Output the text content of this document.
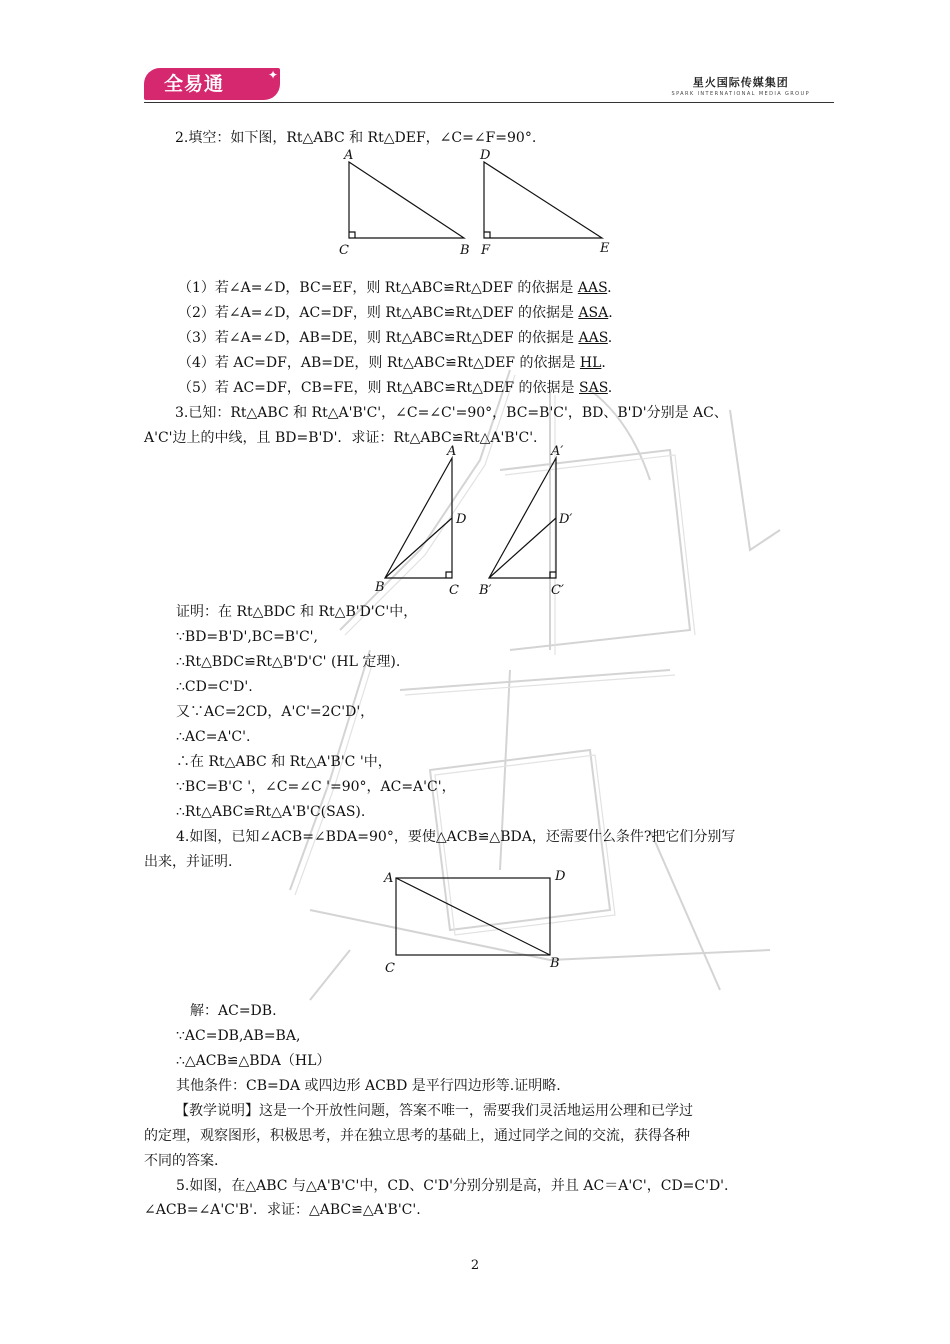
全易通	✦
星火国际传媒集团
SPARK INTERNATIONAL MEDIA GROUP
2.填空：如下图，Rt△ABC 和 Rt△DEF，∠C=∠F=90°.
A
C	B
D
F	E
（1）若∠A=∠D，BC=EF，则 Rt△ABC≌Rt△DEF 的依据是 AAS.
（2）若∠A=∠D，AC=DF，则 Rt△ABC≌Rt△DEF 的依据是 ASA.
（3）若∠A=∠D，AB=DE，则 Rt△ABC≌Rt△DEF 的依据是 AAS.
（4）若 AC=DF，AB=DE，则 Rt△ABC≌Rt△DEF 的依据是 HL.
（5）若 AC=DF，CB=FE，则 Rt△ABC≌Rt△DEF 的依据是 SAS.
3.已知：Rt△ABC 和 Rt△A'B'C'，∠C=∠C'=90°，BC=B'C'，BD、B'D'分别是 AC、
A'C'边上的中线，且 BD=B'D'．求证：Rt△ABC≌Rt△A'B'C'.
A
D
B	C
A′
D′
B′	C′
证明：在 Rt△BDC 和 Rt△B'D'C'中，
∵BD=B'D',BC=B'C',
∴Rt△BDC≌Rt△B'D'C' (HL 定理).
∴CD=C'D'.
又∵AC=2CD，A'C'=2C'D'，
∴AC=A'C'.
∴在 Rt△ABC 和 Rt△A'B'C '中，
∵BC=B'C '，∠C=∠C '=90°，AC=A'C'，
∴Rt△ABC≌Rt△A'B'C(SAS).
4.如图，已知∠ACB=∠BDA=90°，要使△ACB≌△BDA，还需要什么条件?把它们分别写
出来，并证明.
A	D
C	B
解：AC=DB.
∵AC=DB,AB=BA,
∴△ACB≌△BDA（HL）
其他条件：CB=DA 或四边形 ACBD 是平行四边形等.证明略.
【教学说明】这是一个开放性问题，答案不唯一，需要我们灵活地运用公理和已学过
的定理，观察图形，积极思考，并在独立思考的基础上，通过同学之间的交流，获得各种
不同的答案.
5.如图，在△ABC 与△A'B'C'中，CD、C'D'分别分别是高，并且 AC＝A'C'，CD=C'D'.
∠ACB=∠A'C'B'．求证：△ABC≌△A'B'C'.
2
